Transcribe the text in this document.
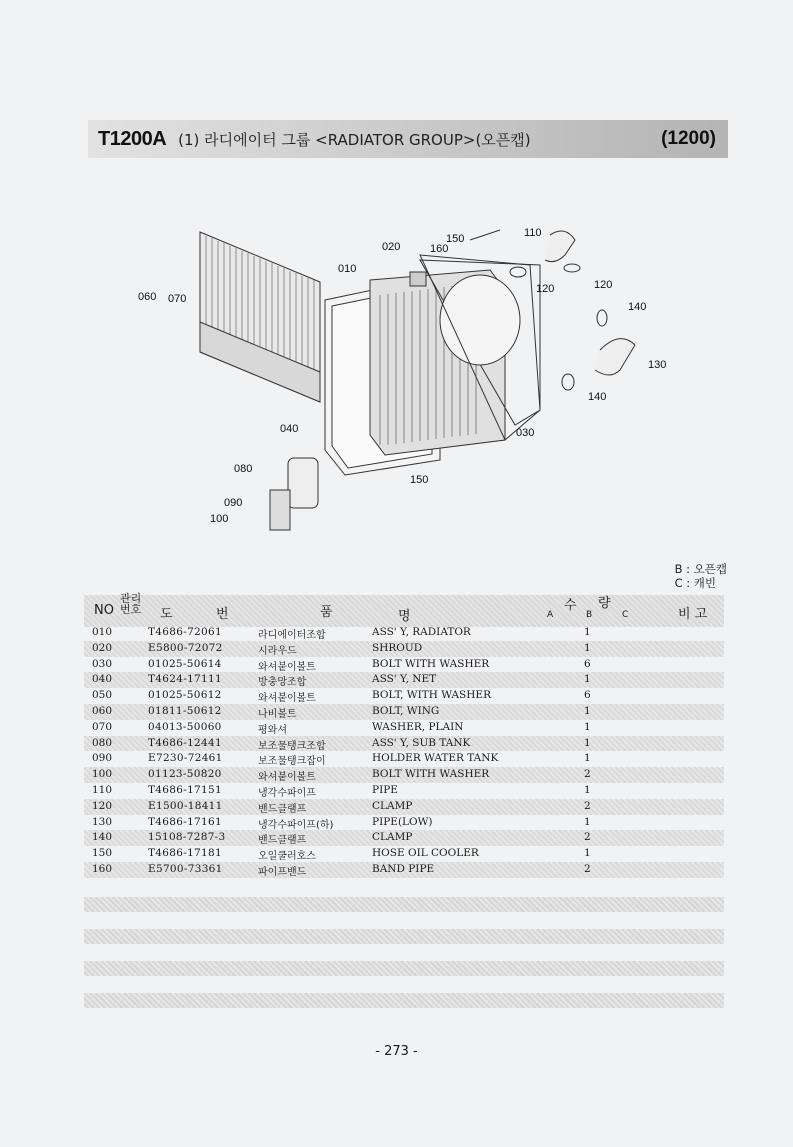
T1200A (1) 라디에이터 그룹 <RADIATOR GROUP>(오픈캡)	(1200)
010
020	160
150	110
120	120
060 070
140
130
140
040	030
080
150
090
100
B : 오픈캡
C : 캐빈
NO
관리
번호 도	번	품	명
수 량
A	B	C	비 고
010	T4686-72061	라디에이터조합	ASS' Y, RADIATOR	1
020	E5800-72072	시라우드	SHROUD	1
030	01025-50614	와셔붙이볼트	BOLT WITH WASHER	6
040	T4624-17111	방충망조합	ASS' Y, NET	1
050	01025-50612	와셔붙이볼트	BOLT, WITH WASHER	6
060	01811-50612	나비볼트	BOLT, WING	1
070	04013-50060	평와셔	WASHER, PLAIN	1
080	T4686-12441	보조물탱크조합	ASS' Y, SUB TANK	1
090	E7230-72461	보조물탱크잡이	HOLDER WATER TANK	1
100	01123-50820	와셔붙이볼트	BOLT WITH WASHER	2
110	T4686-17151	냉각수파이프	PIPE	1
120	E1500-18411	밴드클램프	CLAMP	2
130	T4686-17161	냉각수파이프(하)	PIPE(LOW)	1
140	15108-7287-3	밴드클램프	CLAMP	2
150	T4686-17181	오일쿨러호스	HOSE OIL COOLER	1
160	E5700-73361	파이프밴드	BAND PIPE	2
- 273 -
